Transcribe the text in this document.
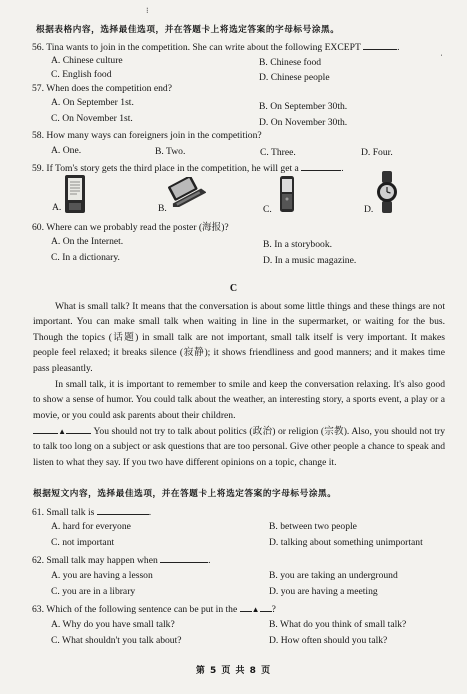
根据表格内容，选择最佳选项，并在答题卡上将选定答案的字母标号涂黑。
⁝
56. Tina wants to join in the competition. She can write about the following EXCEPT	.
A. Chinese culture	B. Chinese food
C. English food	D. Chinese people
ˈ
57. When does the competition end?
A. On September 1st.	B. On September 30th.
C. On November 1st.	D. On November 30th.
58. How many ways can foreigners join in the competition?
A. One.	B. Two.	C. Three.	D. Four.
59. If Tom's story gets the third place in the competition, he will get a	.
A.	B.	C.	D.
60. Where can we probably read the poster (海报)?
A. On the Internet.	B. In a storybook.
C. In a dictionary.	D. In a music magazine.
C
What is small talk? It means that the conversation is about some little things and these things are not important. You can make small talk when waiting in line in the supermarket, or waiting for the bus. Though the topics (话题) in small talk are not important, small talk itself is very important. It makes people feel relaxed; it breaks silence (寂静); it shows friendliness and good manners; and it makes time pass pleasantly.
In small talk, it is important to remember to smile and keep the conversation relaxing. It's also good to show a sense of humor. You could talk about the weather, an interesting story, a sports event, a play or a movie, or you could ask parents about their children.
▲	You should not try to talk about politics (政治) or religion (宗教). Also, you should not try to talk too long on a subject or ask questions that are too personal. Give other people a chance to speak and listen to what they say. If you two have different opinions on a topic, change it.
根据短文内容，选择最佳选项，并在答题卡上将选定答案的字母标号涂黑。
61. Small talk is	.
A. hard for everyone	B. between two people
C. not important	D. talking about something unimportant
62. Small talk may happen when	.
A. you are having a lesson	B. you are taking an underground
C. you are in a library	D. you are having a meeting
63. Which of the following sentence can be put in the ▲ ?
A. Why do you have small talk?	B. What do you think of small talk?
C. What shouldn't you talk about?	D. How often should you talk?
第 5 页 共 8 页
